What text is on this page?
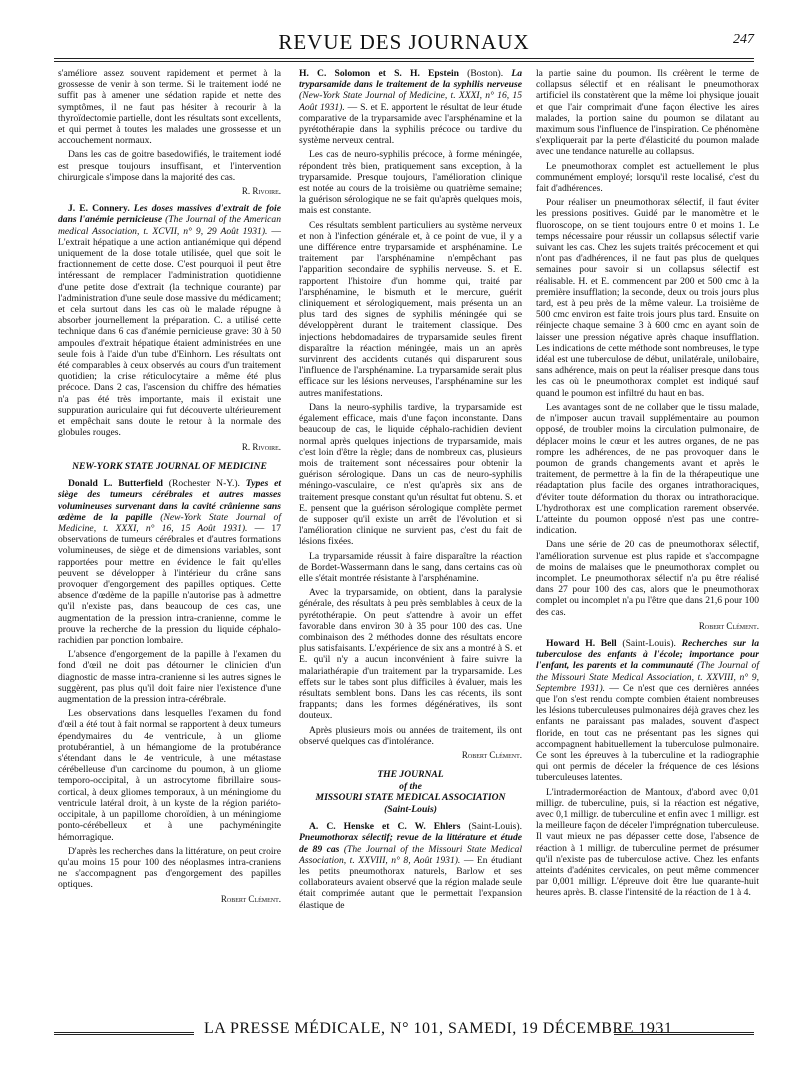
REVUE DES JOURNAUX	247

s'améliore assez souvent rapidement et permet à la grossesse de venir à son terme. Si le traitement iodé ne suffit pas à amener une sédation rapide et nette des symptômes, il ne faut pas hésiter à recourir à la thyroïdectomie partielle, dont les résultats sont excellents, et qui permet à toutes les malades une grossesse et un accouchement normaux.

Dans les cas de goitre basedowifiés, le traitement iodé est presque toujours insuffisant, et l'intervention chirurgicale s'impose dans la majorité des cas.

R. Rivoire.

J. E. Connery. Les doses massives d'extrait de foie dans l'anémie pernicieuse (The Journal of the American medical Association, t. XCVII, n° 9, 29 Août 1931). — L'extrait hépatique a une action antianémique qui dépend uniquement de la dose totale utilisée, quel que soit le fractionnement de cette dose. C'est pourquoi il peut être intéressant de remplacer l'administration quotidienne d'une petite dose d'extrait (la technique courante) par l'administration d'une seule dose massive du médicament; et cela surtout dans les cas où le malade répugne à absorber journellement la préparation. C. a utilisé cette technique dans 6 cas d'anémie pernicieuse grave: 30 à 50 ampoules d'extrait hépatique étaient administrées en une seule fois à l'aide d'un tube d'Einhorn. Les résultats ont été comparables à ceux observés au cours d'un traitement quotidien; la crise réticulocytaire a même été plus précoce. Dans 2 cas, l'ascension du chiffre des hématies n'a pas été très importante, mais il existait une suppuration auriculaire qui fut découverte ultérieurement et empêchait sans doute le retour à la normale des globules rouges.

R. Rivoire.
NEW-YORK STATE JOURNAL OF MEDICINE

Donald L. Butterfield (Rochester N-Y.). Types et siège des tumeurs cérébrales et autres masses volumineuses survenant dans la cavité crânienne sans œdème de la papille (New-York State Journal of Medicine, t. XXXI, n° 16, 15 Août 1931). — 17 observations de tumeurs cérébrales et d'autres formations volumineuses, de siège et de dimensions variables, sont rapportées pour mettre en évidence le fait qu'elles peuvent se développer à l'intérieur du crâne sans provoquer d'engorgement des papilles optiques. Cette absence d'œdème de la papille n'autorise pas à admettre qu'il n'existe pas, dans beaucoup de ces cas, une augmentation de la pression intra-cranienne, comme le prouve la recherche de la pression du liquide céphalo-rachidien par ponction lombaire.

L'absence d'engorgement de la papille à l'examen du fond d'œil ne doit pas détourner le clinicien d'un diagnostic de masse intra-cranienne si les autres signes le suggèrent, pas plus qu'il doit faire nier l'existence d'une augmentation de la pression intra-cérébrale.

Les observations dans lesquelles l'examen du fond d'œil a été tout à fait normal se rapportent à deux tumeurs épendymaires du 4e ventricule, à un gliome protubérantiel, à un hémangiome de la protubérance s'étendant dans le 4e ventricule, à une métastase cérébelleuse d'un carcinome du poumon, à un gliome temporo-occipital, à un astrocytome fibrillaire sous-cortical, à deux gliomes temporaux, à un méningiome du ventricule latéral droit, à un kyste de la région pariéto-occipitale, à un papillome choroïdien, à un méningiome ponto-cérébelleux et à une pachyméningite hémorragique.

D'après les recherches dans la littérature, on peut croire qu'au moins 15 pour 100 des néoplasmes intra-craniens ne s'accompagnent pas d'engorgement des papilles optiques.

Robert Clément.

H. C. Solomon et S. H. Epstein (Boston). La tryparsamide dans le traitement de la syphilis nerveuse (New-York State Journal of Medicine, t. XXXI, n° 16, 15 Août 1931). — S. et E. apportent le résultat de leur étude comparative de la tryparsamide avec l'arsphénamine et la pyrétothérapie dans la syphilis précoce ou tardive du système nerveux central.

Les cas de neuro-syphilis précoce, à forme méningée, répondent très bien, pratiquement sans exception, à la tryparsamide. Presque toujours, l'amélioration clinique est notée au cours de la troisième ou quatrième semaine; la guérison sérologique ne se fait qu'après quelques mois, mais est constante.

Ces résultats semblent particuliers au système nerveux et non à l'infection générale et, à ce point de vue, il y a une différence entre tryparsamide et arsphénamine. Le traitement par l'arsphénamine n'empêchant pas l'apparition secondaire de syphilis nerveuse. S. et E. rapportent l'histoire d'un homme qui, traité par l'arsphénamine, le bismuth et le mercure, guérit cliniquement et sérologiquement, mais présenta un an plus tard des signes de syphilis méningée qui se développèrent durant le traitement classique. Des injections hebdomadaires de tryparsamide seules firent disparaître la réaction méningée, mais un an après survinrent des accidents cutanés qui disparurent sous l'influence de l'arsphénamine. La tryparsamide serait plus efficace sur les lésions nerveuses, l'arsphénamine sur les autres manifestations.

Dans la neuro-syphilis tardive, la tryparsamide est également efficace, mais d'une façon inconstante. Dans beaucoup de cas, le liquide céphalo-rachidien devient normal après quelques injections de tryparsamide, mais c'est loin d'être la règle; dans de nombreux cas, plusieurs mois de traitement sont nécessaires pour obtenir la guérison sérologique. Dans un cas de neuro-syphilis méningo-vasculaire, ce n'est qu'après six ans de traitement presque constant qu'un résultat fut obtenu. S. et E. pensent que la guérison sérologique complète permet de supposer qu'il existe un arrêt de l'évolution et si l'amélioration clinique ne survient pas, c'est du fait de lésions fixées.

La tryparsamide réussit à faire disparaître la réaction de Bordet-Wassermann dans le sang, dans certains cas où elle s'était montrée résistante à l'arsphénamine.

Avec la tryparsamide, on obtient, dans la paralysie générale, des résultats à peu près semblables à ceux de la pyrétothérapie. On peut s'attendre à avoir un effet favorable dans environ 30 à 35 pour 100 des cas. Une combinaison des 2 méthodes donne des résultats encore plus satisfaisants. L'expérience de six ans a montré à S. et E. qu'il n'y a aucun inconvénient à faire suivre la malariathérapie d'un traitement par la tryparsamide. Les effets sur le tabes sont plus difficiles à évaluer, mais les résultats semblent bons. Dans les cas récents, ils sont frappants; dans les formes dégénératives, ils sont douteux.

Après plusieurs mois ou années de traitement, ils ont observé quelques cas d'intolérance.

Robert Clément.
THE JOURNAL
of the
MISSOURI STATE MEDICAL ASSOCIATION
(Saint-Louis)

A. C. Henske et C. W. Ehlers (Saint-Louis). Pneumothorax sélectif; revue de la littérature et étude de 89 cas (The Journal of the Missouri State Medical Association, t. XXVIII, n° 8, Août 1931). — En étudiant les petits pneumothorax naturels, Barlow et ses collaborateurs avaient observé que la région malade seule était comprimée autant que le permettait l'expansion élastique de

la partie saine du poumon. Ils créèrent le terme de collapsus sélectif et en réalisant le pneumothorax artificiel ils constatèrent que la même loi physique jouait et que l'air comprimait d'une façon élective les aires malades, la portion saine du poumon se dilatant au maximum sous l'influence de l'inspiration. Ce phénomène s'expliquerait par la perte d'élasticité du poumon malade avec une tendance naturelle au collapsus.

Le pneumothorax complet est actuellement le plus communément employé; lorsqu'il reste localisé, c'est du fait d'adhérences.

Pour réaliser un pneumothorax sélectif, il faut éviter les pressions positives. Guidé par le manomètre et le fluoroscope, on se tient toujours entre 0 et moins 1. Le temps nécessaire pour réussir un collapsus sélectif varie suivant les cas. Chez les sujets traités précocement et qui n'ont pas d'adhérences, il ne faut pas plus de quelques semaines pour savoir si un collapsus sélectif est réalisable. H. et E. commencent par 200 et 500 cmc à la première insufflation; la seconde, deux ou trois jours plus tard, est à peu près de la même valeur. La troisième de 500 cmc environ est faite trois jours plus tard. Ensuite on réinjecte chaque semaine 3 à 600 cmc en ayant soin de laisser une pression négative après chaque insufflation. Les indications de cette méthode sont nombreuses, le type idéal est une tuberculose de début, unilatérale, unilobaire, sans adhérence, mais on peut la réaliser presque dans tous les cas où le pneumothorax complet est indiqué sauf quand le poumon est infiltré du haut en bas.

Les avantages sont de ne collaber que le tissu malade, de n'imposer aucun travail supplémentaire au poumon opposé, de troubler moins la circulation pulmonaire, de déplacer moins le cœur et les autres organes, de ne pas rompre les adhérences, de ne pas provoquer dans le poumon de grands changements avant et après le traitement, de permettre à la fin de la thérapeutique une réadaptation plus facile des organes intrathoraciques, d'éviter toute déformation du thorax ou intrathoracique. L'hydrothorax est une complication rarement observée. L'atteinte du poumon opposé n'est pas une contre-indication.

Dans une série de 20 cas de pneumothorax sélectif, l'amélioration survenue est plus rapide et s'accompagne de moins de malaises que le pneumothorax complet ou incomplet. Le pneumothorax sélectif n'a pu être réalisé dans 27 pour 100 des cas, alors que le pneumothorax complet ou incomplet n'a pu l'être que dans 21,6 pour 100 des cas.

Robert Clément.

Howard H. Bell (Saint-Louis). Recherches sur la tuberculose des enfants à l'école; importance pour l'enfant, les parents et la communauté (The Journal of the Missouri State Medical Association, t. XXVIII, n° 9, Septembre 1931). — Ce n'est que ces dernières années que l'on s'est rendu compte combien étaient nombreuses les lésions tuberculeuses pulmonaires déjà graves chez les enfants ne paraissant pas malades, souvent d'aspect floride, en tout cas ne présentant pas les signes qui accompagnent habituellement la tuberculose pulmonaire. Ce sont les épreuves à la tuberculine et la radiographie qui ont permis de déceler la fréquence de ces lésions tuberculeuses latentes.

L'intradermoréaction de Mantoux, d'abord avec 0,01 milligr. de tuberculine, puis, si la réaction est négative, avec 0,1 milligr. de tuberculine et enfin avec 1 milligr. est la meilleure façon de déceler l'imprégnation tuberculeuse. Il vaut mieux ne pas dépasser cette dose, l'absence de réaction à 1 milligr. de tuberculine permet de présumer qu'il n'existe pas de tuberculose active. Chez les enfants atteints d'adénites cervicales, on peut même commencer par 0,001 milligr. L'épreuve doit être lue quarante-huit heures après. B. classe l'intensité de la réaction de 1 à 4.

LA PRESSE MÉDICALE, N° 101, SAMEDI, 19 DÉCEMBRE 1931
